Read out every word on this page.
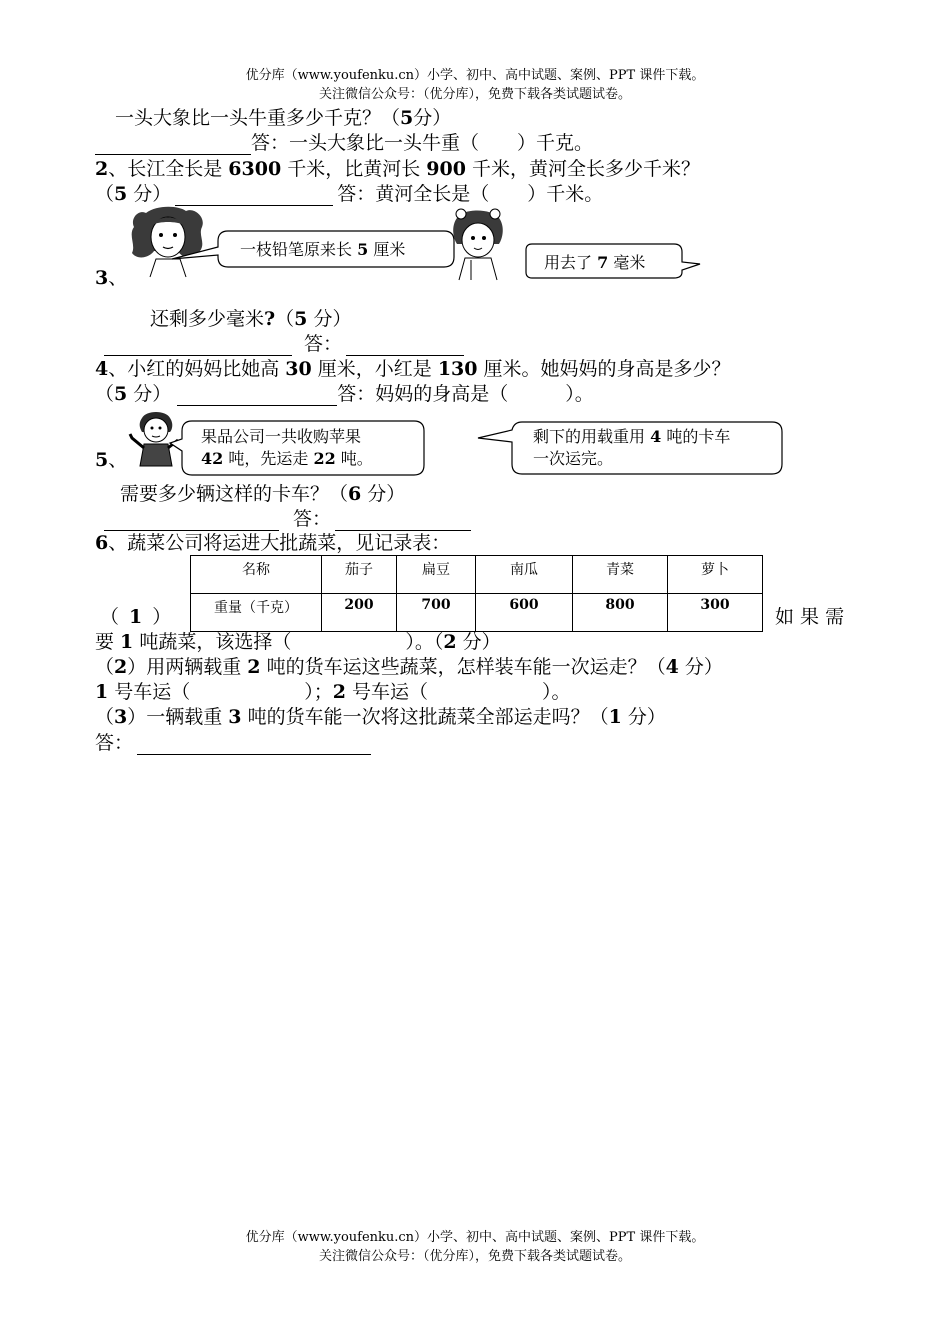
优分库（www.youfenku.cn）小学、初中、高中试题、案例、PPT 课件下载。
关注微信公众号：（优分库），免费下载各类试题试卷。
一头大象比一头牛重多少千克？（5分）
答：一头大象比一头牛重（　　）千克。
2、长江全长是 6300 千米，比黄河长 900 千米，黄河全长多少千米？
（5 分）	答：黄河全长是（　　）千米。
一枝铅笔原来长 5 厘米
用去了 7 毫米
3、
还剩多少毫米?（5 分）
答：
4、小红的妈妈比她高 30 厘米，小红是 130 厘米。她妈妈的身高是多少？
（5 分）	答：妈妈的身高是（　　　）。
果品公司一共收购苹果
42 吨，先运走 22 吨。
剩下的用载重用 4 吨的卡车
一次运完。
5、
需要多少辆这样的卡车？（6 分）
答：
6、蔬菜公司将运进大批蔬菜，见记录表：
名称	茄子	扁豆	南瓜	青菜	萝卜
重量（千克）	200	700	600	800	300
（ 1 ）	如 果 需
要 1 吨蔬菜，该选择（　　　　　　）。（2 分）
（2）用两辆载重 2 吨的货车运这些蔬菜，怎样装车能一次运走？（4 分）
1 号车运（　　　　　　）；2 号车运（　　　　　　）。
（3）一辆载重 3 吨的货车能一次将这批蔬菜全部运走吗？（1 分）
答：
优分库（www.youfenku.cn）小学、初中、高中试题、案例、PPT 课件下载。
关注微信公众号：（优分库），免费下载各类试题试卷。
